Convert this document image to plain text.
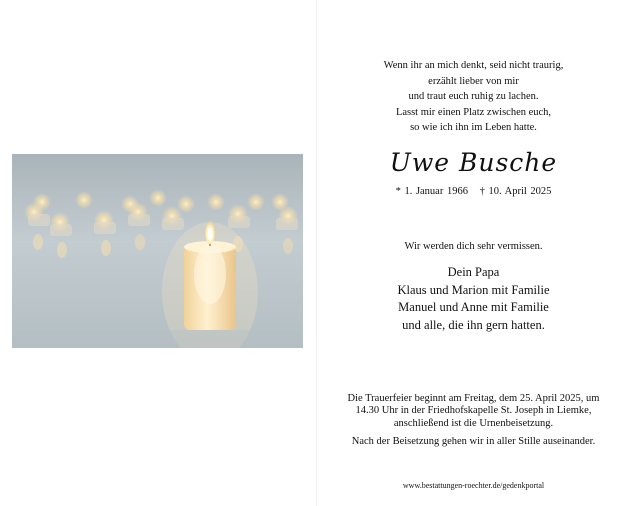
Wenn ihr an mich denkt, seid nicht traurig,
erzählt lieber von mir
und traut euch ruhig zu lachen.
Lasst mir einen Platz zwischen euch,
so wie ich ihn im Leben hatte.
Uwe Busche
* 1. Januar 1966 † 10. April 2025
Wir werden dich sehr vermissen.
Dein Papa
Klaus und Marion mit Familie
Manuel und Anne mit Familie
und alle, die ihn gern hatten.
Die Trauerfeier beginnt am Freitag, dem 25. April 2025, um
14.30 Uhr in der Friedhofskapelle St. Joseph in Liemke,
anschließend ist die Urnenbeisetzung.
Nach der Beisetzung gehen wir in aller Stille auseinander.
www.bestattungen-roechter.de/gedenkportal
